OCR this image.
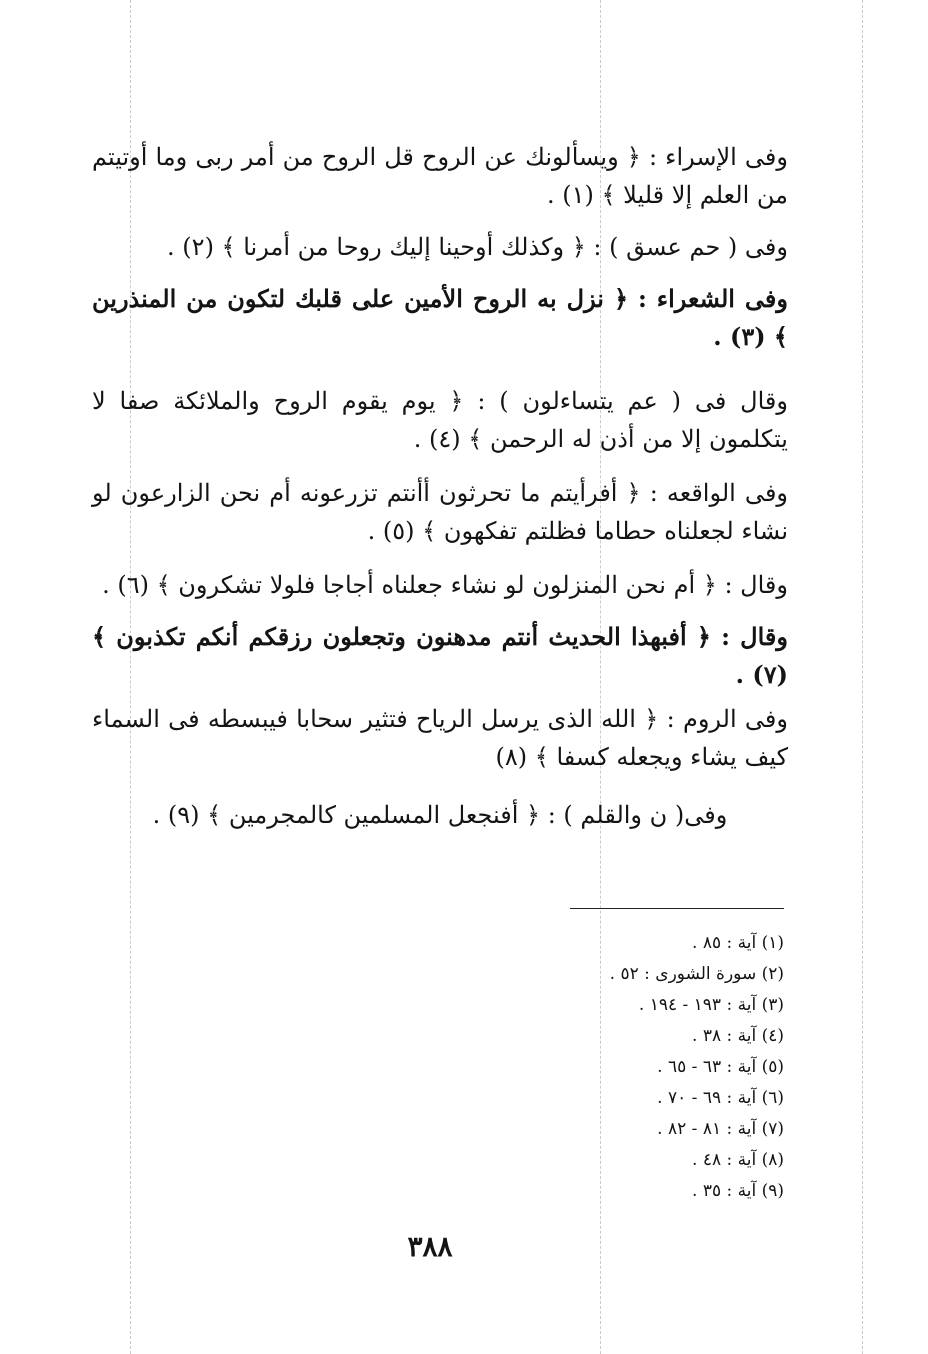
وفى الإسراء : ﴿ ويسألونك عن الروح قل الروح من أمر ربى وما أوتيتم من العلم إلا قليلا ﴾ (١) .
وفى ( حم عسق ) : ﴿ وكذلك أوحينا إليك روحا من أمرنا ﴾ (٢) .
وفى الشعراء : ﴿ نزل به الروح الأمين على قلبك لتكون من المنذرين ﴾ (٣) .
وقال فى ( عم يتساءلون ) : ﴿ يوم يقوم الروح والملائكة صفا لا يتكلمون إلا من أذن له الرحمن ﴾ (٤) .
وفى الواقعه : ﴿ أفرأيتم ما تحرثون أأنتم تزرعونه أم نحن الزارعون لو نشاء لجعلناه حطاما فظلتم تفكهون ﴾ (٥) .
وقال : ﴿ أم نحن المنزلون لو نشاء جعلناه أجاجا فلولا تشكرون ﴾ (٦) .
وقال : ﴿ أفبهذا الحديث أنتم مدهنون وتجعلون رزقكم أنكم تكذبون ﴾ (٧) .
وفى الروم : ﴿ الله الذى يرسل الرياح فتثير سحابا فيبسطه فى السماء كيف يشاء ويجعله كسفا ﴾ (٨)
وفى( ن والقلم ) : ﴿ أفنجعل المسلمين كالمجرمين ﴾ (٩) .
(١) آية : ٨٥ .
(٢) سورة الشورى : ٥٢ .
(٣) آية : ١٩٣ - ١٩٤ .
(٤) آية : ٣٨ .
(٥) آية : ٦٣ - ٦٥ .
(٦) آية : ٦٩ - ٧٠ .
(٧) آية : ٨١ - ٨٢ .
(٨) آية : ٤٨ .
(٩) آية : ٣٥ .
٣٨٨
